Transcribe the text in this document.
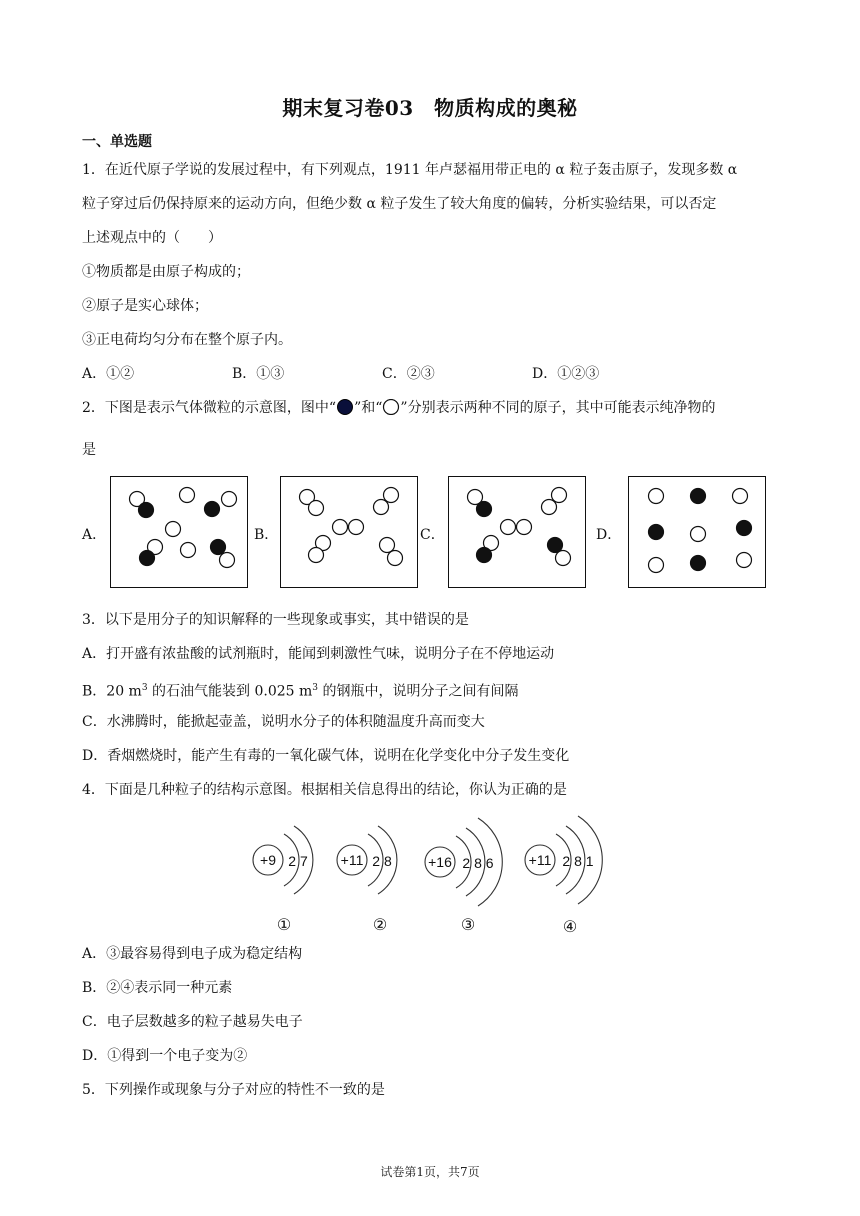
期末复习卷03　物质构成的奥秘
一、单选题
1．在近代原子学说的发展过程中，有下列观点，1911 年卢瑟福用带正电的 α 粒子轰击原子，发现多数 α
粒子穿过后仍保持原来的运动方向，但绝少数 α 粒子发生了较大角度的偏转，分析实验结果，可以否定
上述观点中的（　　）
①物质都是由原子构成的；
②原子是实心球体；
③正电荷均匀分布在整个原子内。
A．①②	B．①③	C．②③	D．①②③
2．下图是表示气体微粒的示意图，图中“ ”和“ ”分别表示两种不同的原子，其中可能表示纯净物的
是
A．	B．	C．	D．
3．以下是用分子的知识解释的一些现象或事实，其中错误的是
A．打开盛有浓盐酸的试剂瓶时，能闻到刺激性气味，说明分子在不停地运动
B．20 $m^3$ 的石油气能装到 0.025 $m^3$ 的钢瓶中，说明分子之间有间隔
C．水沸腾时，能掀起壶盖，说明水分子的体积随温度升高而变大
D．香烟燃烧时，能产生有毒的一氧化碳气体，说明在化学变化中分子发生变化
4．下面是几种粒子的结构示意图。根据相关信息得出的结论，你认为正确的是
+9 2 7 +11 2 8	+16 2 8 6	+11 2 8 1
①	②	③	④
A．③最容易得到电子成为稳定结构
B．②④表示同一种元素
C．电子层数越多的粒子越易失电子
D．①得到一个电子变为②
5．下列操作或现象与分子对应的特性不一致的是
试卷第1页，共7页
